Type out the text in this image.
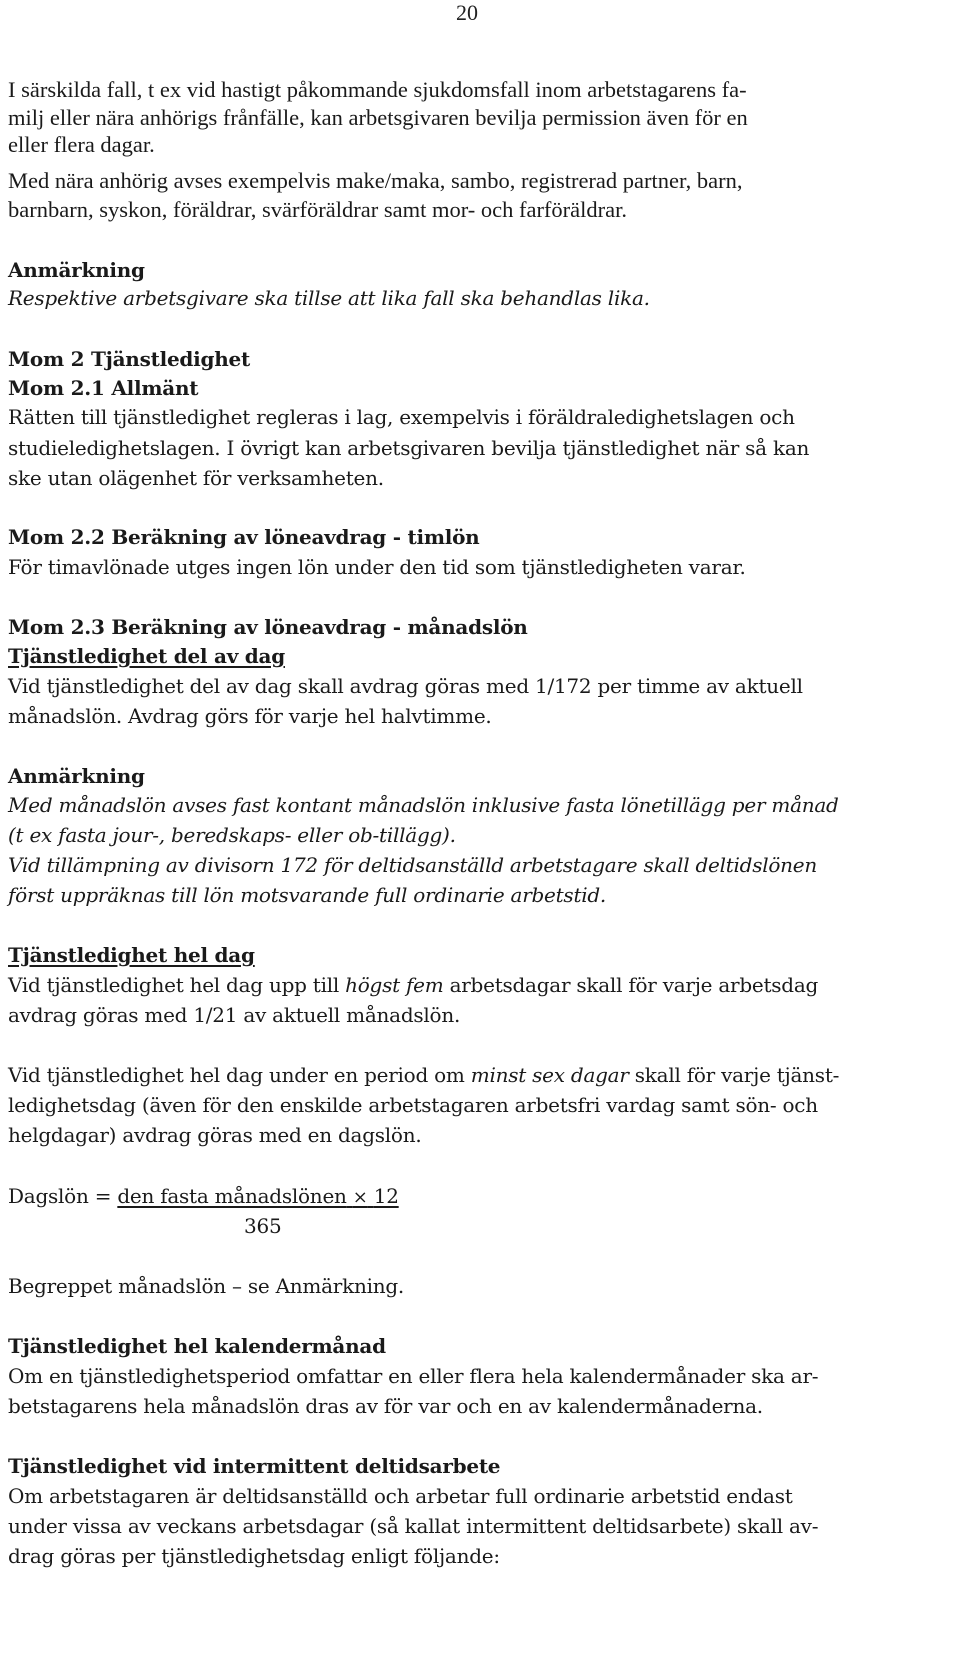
20
I särskilda fall, t ex vid hastigt påkommande sjukdomsfall inom arbetstagarens fa-
milj eller nära anhörigs frånfälle, kan arbetsgivaren bevilja permission även för en
eller flera dagar.
Med nära anhörig avses exempelvis make/maka, sambo, registrerad partner, barn,
barnbarn, syskon, föräldrar, svärföräldrar samt mor- och farföräldrar.
Anmärkning
Respektive arbetsgivare ska tillse att lika fall ska behandlas lika.
Mom 2 Tjänstledighet
Mom 2.1 Allmänt
Rätten till tjänstledighet regleras i lag, exempelvis i föräldraledighetslagen och
studieledighetslagen. I övrigt kan arbetsgivaren bevilja tjänstledighet när så kan
ske utan olägenhet för verksamheten.
Mom 2.2 Beräkning av löneavdrag - timlön
För timavlönade utges ingen lön under den tid som tjänstledigheten varar.
Mom 2.3 Beräkning av löneavdrag - månadslön
Tjänstledighet del av dag
Vid tjänstledighet del av dag skall avdrag göras med 1/172 per timme av aktuell
månadslön. Avdrag görs för varje hel halvtimme.
Anmärkning
Med månadslön avses fast kontant månadslön inklusive fasta lönetillägg per månad
(t ex fasta jour-, beredskaps- eller ob-tillägg).
Vid tillämpning av divisorn 172 för deltidsanställd arbetstagare skall deltidslönen
först uppräknas till lön motsvarande full ordinarie arbetstid.
Tjänstledighet hel dag
Vid tjänstledighet hel dag upp till högst fem arbetsdagar skall för varje arbetsdag
avdrag göras med 1/21 av aktuell månadslön.
Vid tjänstledighet hel dag under en period om minst sex dagar skall för varje tjänst-
ledighetsdag (även för den enskilde arbetstagaren arbetsfri vardag samt sön- och
helgdagar) avdrag göras med en dagslön.
Dagslön = den fasta månadslönen × 12
365
Begreppet månadslön – se Anmärkning.
Tjänstledighet hel kalendermånad
Om en tjänstledighetsperiod omfattar en eller flera hela kalendermånader ska ar-
betstagarens hela månadslön dras av för var och en av kalendermånaderna.
Tjänstledighet vid intermittent deltidsarbete
Om arbetstagaren är deltidsanställd och arbetar full ordinarie arbetstid endast
under vissa av veckans arbetsdagar (så kallat intermittent deltidsarbete) skall av-
drag göras per tjänstledighetsdag enligt följande:
